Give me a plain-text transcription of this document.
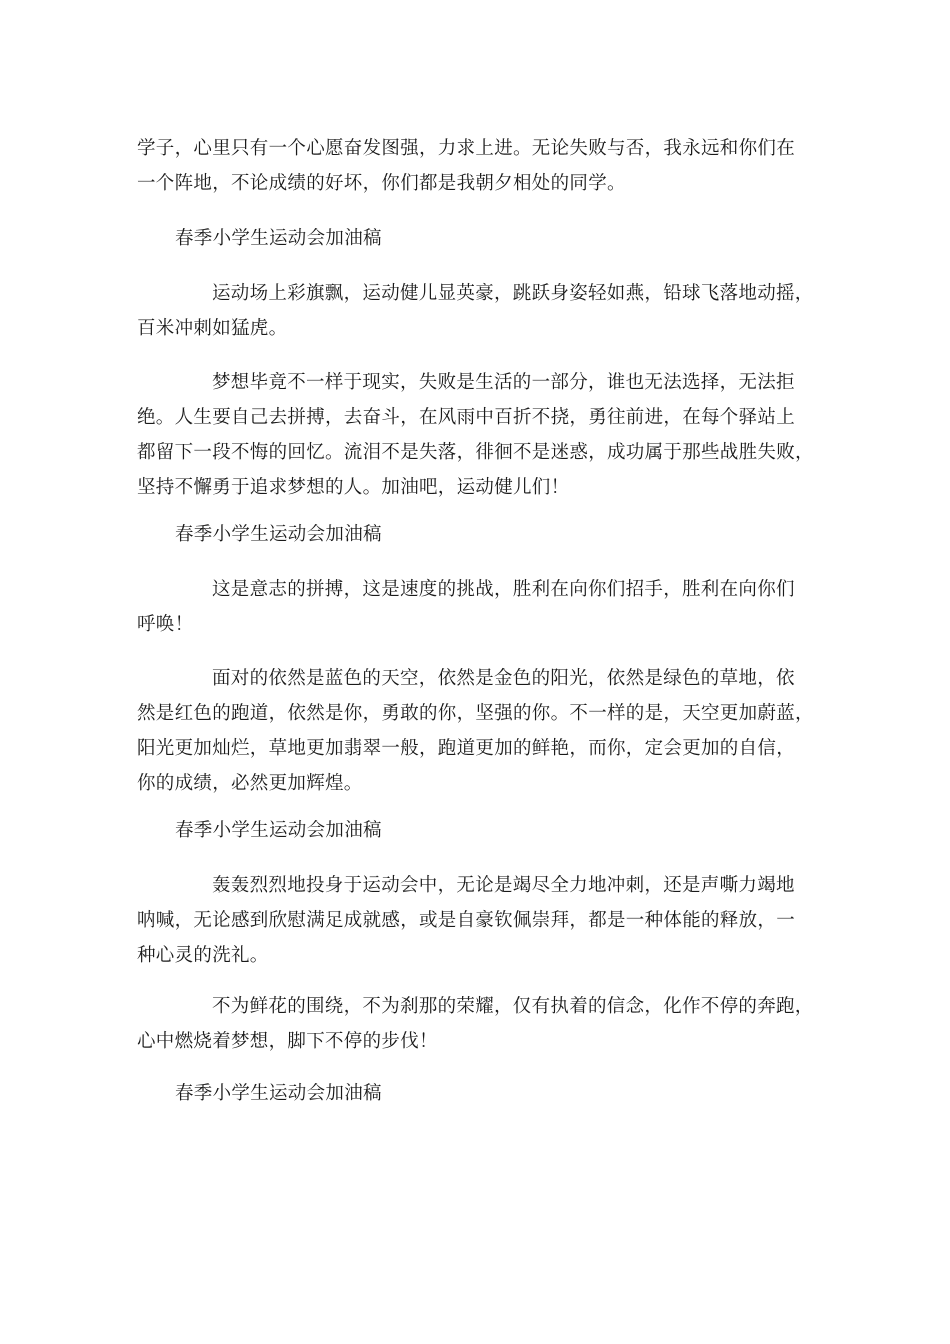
学子，心里只有一个心愿奋发图强，力求上进。无论失败与否，我永远和你们在
一个阵地，不论成绩的好坏，你们都是我朝夕相处的同学。
春季小学生运动会加油稿
运动场上彩旗飘，运动健儿显英豪，跳跃身姿轻如燕，铅球飞落地动摇，
百米冲刺如猛虎。
梦想毕竟不一样于现实，失败是生活的一部分，谁也无法选择，无法拒
绝。人生要自己去拼搏，去奋斗，在风雨中百折不挠，勇往前进，在每个驿站上
都留下一段不悔的回忆。流泪不是失落，徘徊不是迷惑，成功属于那些战胜失败，
坚持不懈勇于追求梦想的人。加油吧，运动健儿们！
春季小学生运动会加油稿
这是意志的拼搏，这是速度的挑战，胜利在向你们招手，胜利在向你们
呼唤！
面对的依然是蓝色的天空，依然是金色的阳光，依然是绿色的草地，依
然是红色的跑道，依然是你，勇敢的你，坚强的你。不一样的是，天空更加蔚蓝，
阳光更加灿烂，草地更加翡翠一般，跑道更加的鲜艳，而你，定会更加的自信，
你的成绩，必然更加辉煌。
春季小学生运动会加油稿
轰轰烈烈地投身于运动会中，无论是竭尽全力地冲刺，还是声嘶力竭地
呐喊，无论感到欣慰满足成就感，或是自豪钦佩崇拜，都是一种体能的释放，一
种心灵的洗礼。
不为鲜花的围绕，不为刹那的荣耀，仅有执着的信念，化作不停的奔跑，
心中燃烧着梦想，脚下不停的步伐！
春季小学生运动会加油稿
